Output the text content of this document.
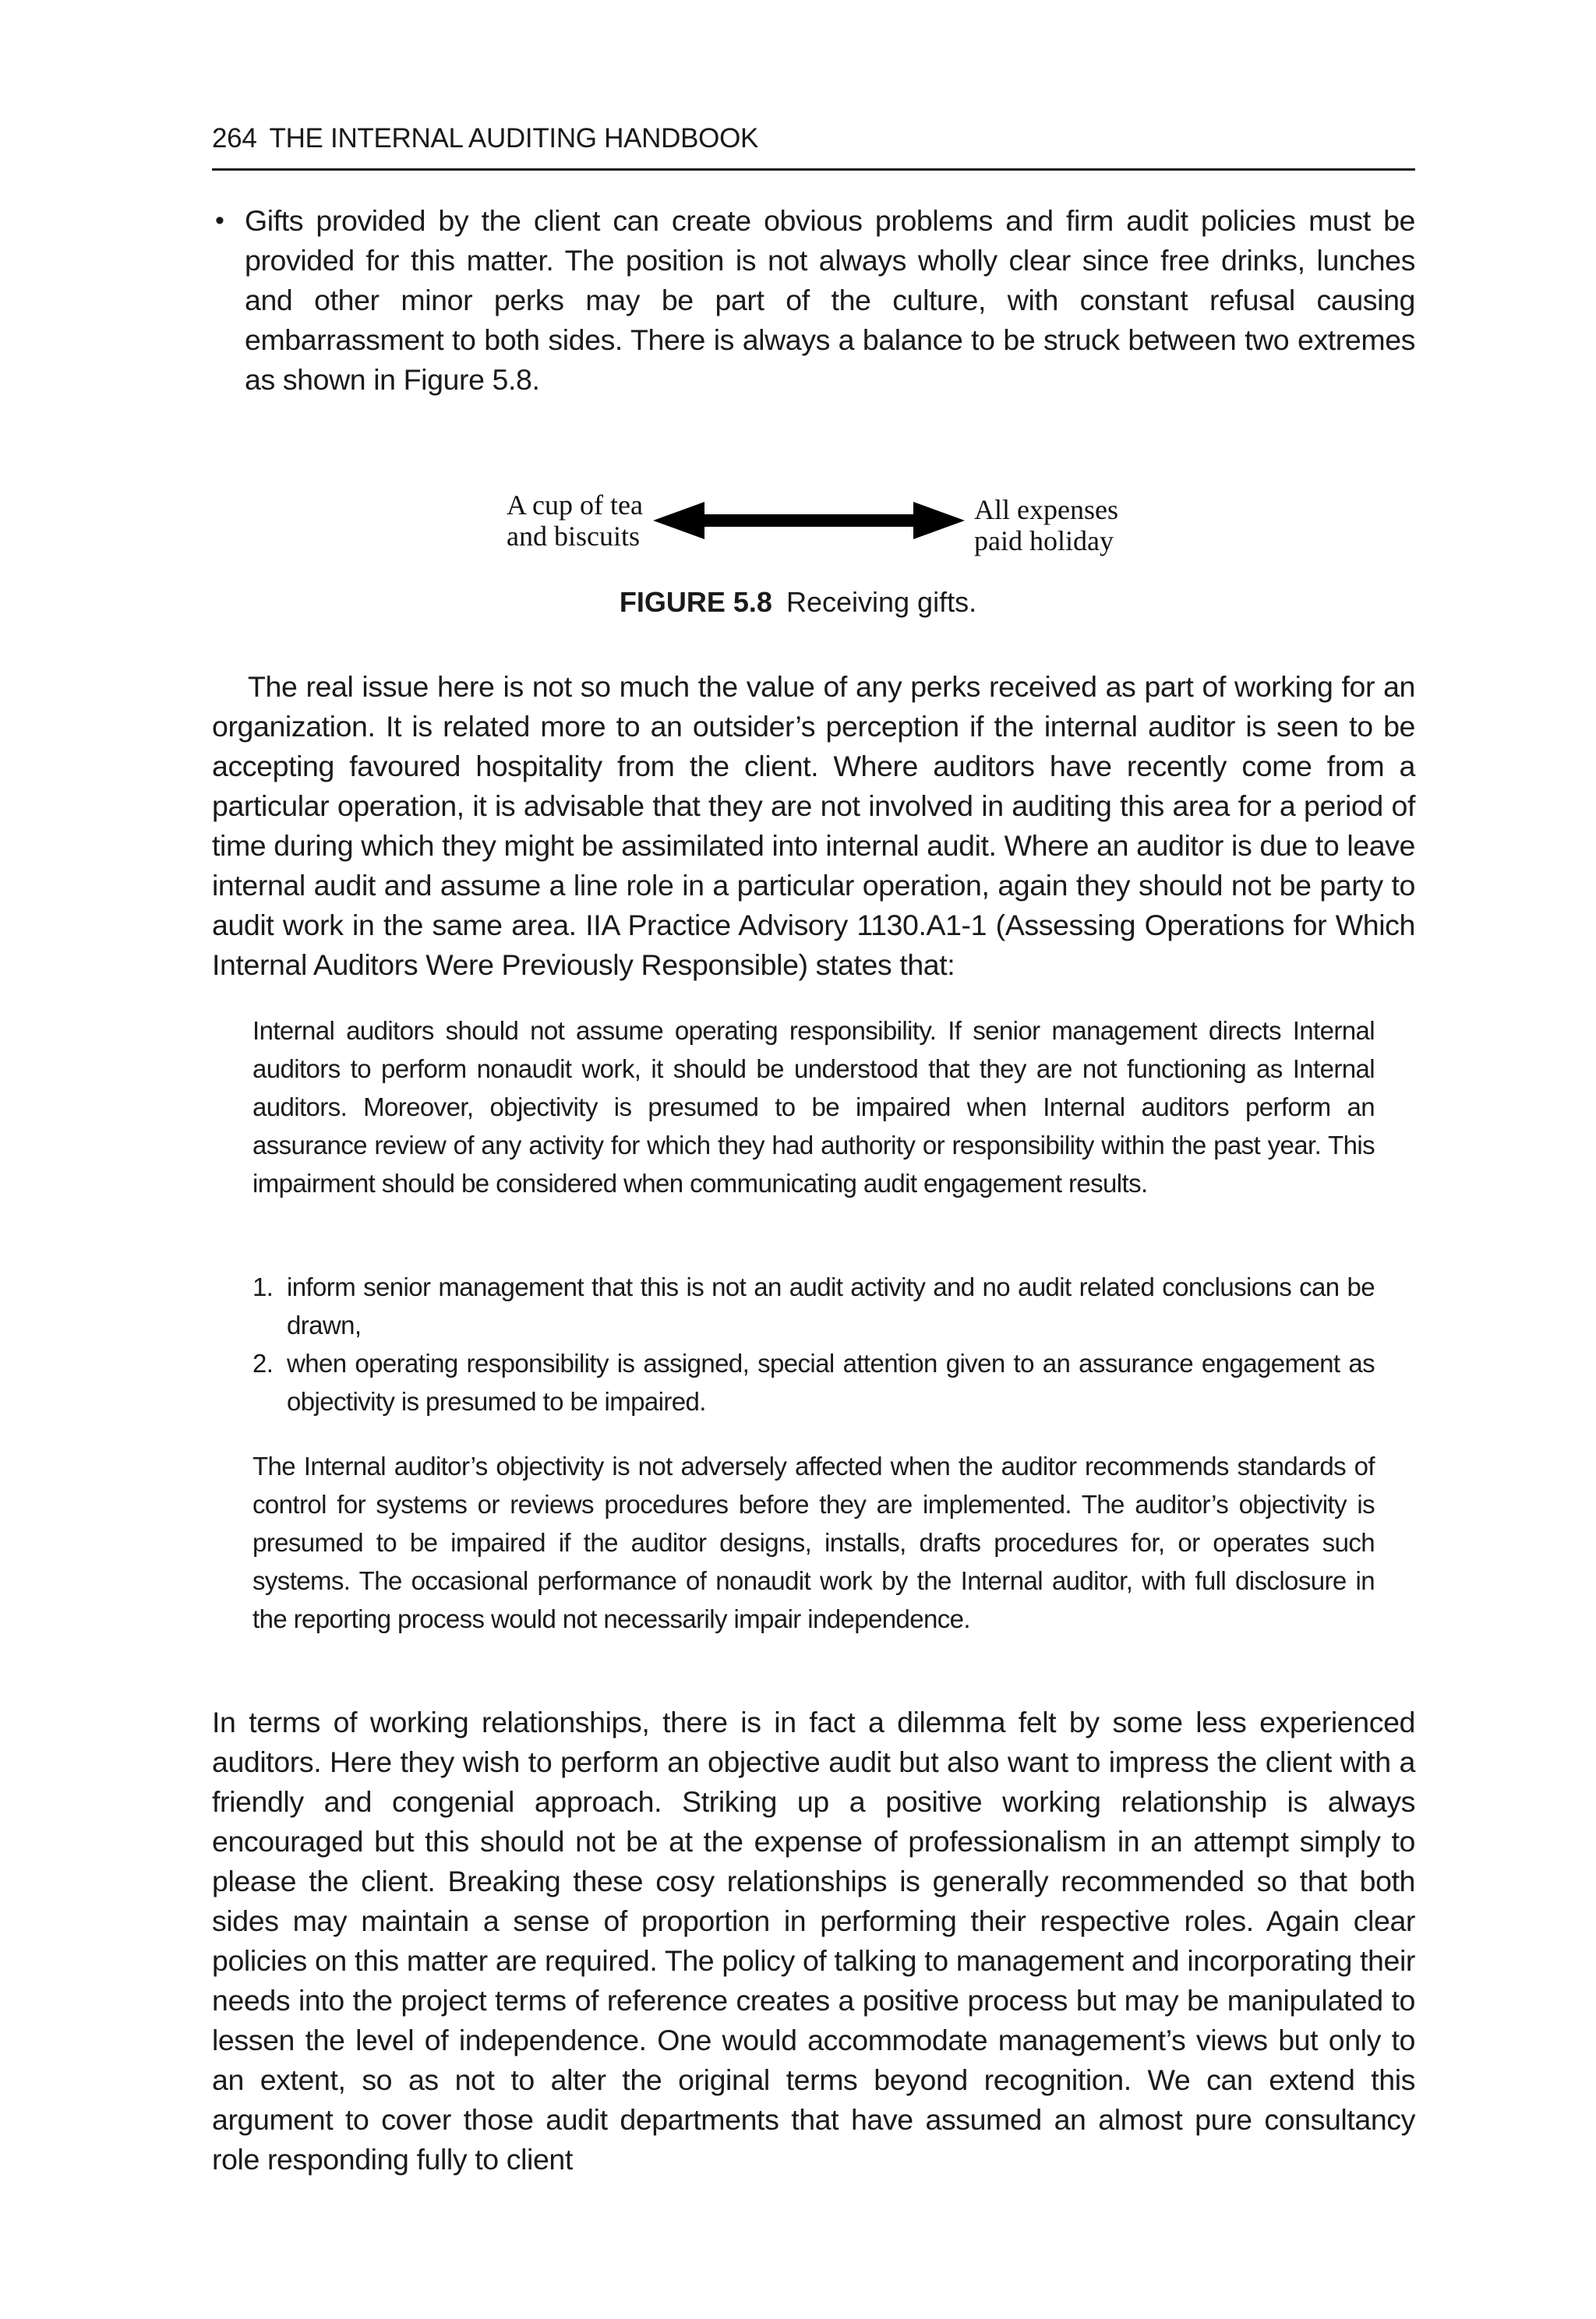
264 THE INTERNAL AUDITING HANDBOOK
• Gifts provided by the client can create obvious problems and firm audit policies must be provided for this matter. The position is not always wholly clear since free drinks, lunches and other minor perks may be part of the culture, with constant refusal causing embarrassment to both sides. There is always a balance to be struck between two extremes as shown in Figure 5.8.
A cup of tea
and biscuits
All expenses
paid holiday
FIGURE 5.8 Receiving gifts.
The real issue here is not so much the value of any perks received as part of working for an organization. It is related more to an outsider’s perception if the internal auditor is seen to be accepting favoured hospitality from the client. Where auditors have recently come from a particular operation, it is advisable that they are not involved in auditing this area for a period of time during which they might be assimilated into internal audit. Where an auditor is due to leave internal audit and assume a line role in a particular operation, again they should not be party to audit work in the same area. IIA Practice Advisory 1130.A1-1 (Assessing Operations for Which Internal Auditors Were Previously Responsible) states that:
Internal auditors should not assume operating responsibility. If senior management directs Internal auditors to perform nonaudit work, it should be understood that they are not functioning as Internal auditors. Moreover, objectivity is presumed to be impaired when Internal auditors perform an assurance review of any activity for which they had authority or responsibility within the past year. This impairment should be considered when communicating audit engagement results.
1. inform senior management that this is not an audit activity and no audit related conclusions can be drawn,
2. when operating responsibility is assigned, special attention given to an assurance engagement as objectivity is presumed to be impaired.
The Internal auditor’s objectivity is not adversely affected when the auditor recommends standards of control for systems or reviews procedures before they are implemented. The auditor’s objectivity is presumed to be impaired if the auditor designs, installs, drafts procedures for, or operates such systems. The occasional performance of nonaudit work by the Internal auditor, with full disclosure in the reporting process would not necessarily impair independence.
In terms of working relationships, there is in fact a dilemma felt by some less experienced auditors. Here they wish to perform an objective audit but also want to impress the client with a friendly and congenial approach. Striking up a positive working relationship is always encouraged but this should not be at the expense of professionalism in an attempt simply to please the client. Breaking these cosy relationships is generally recommended so that both sides may maintain a sense of proportion in performing their respective roles. Again clear policies on this matter are required. The policy of talking to management and incorporating their needs into the project terms of reference creates a positive process but may be manipulated to lessen the level of independence. One would accommodate management’s views but only to an extent, so as not to alter the original terms beyond recognition. We can extend this argument to cover those audit departments that have assumed an almost pure consultancy role responding fully to client
